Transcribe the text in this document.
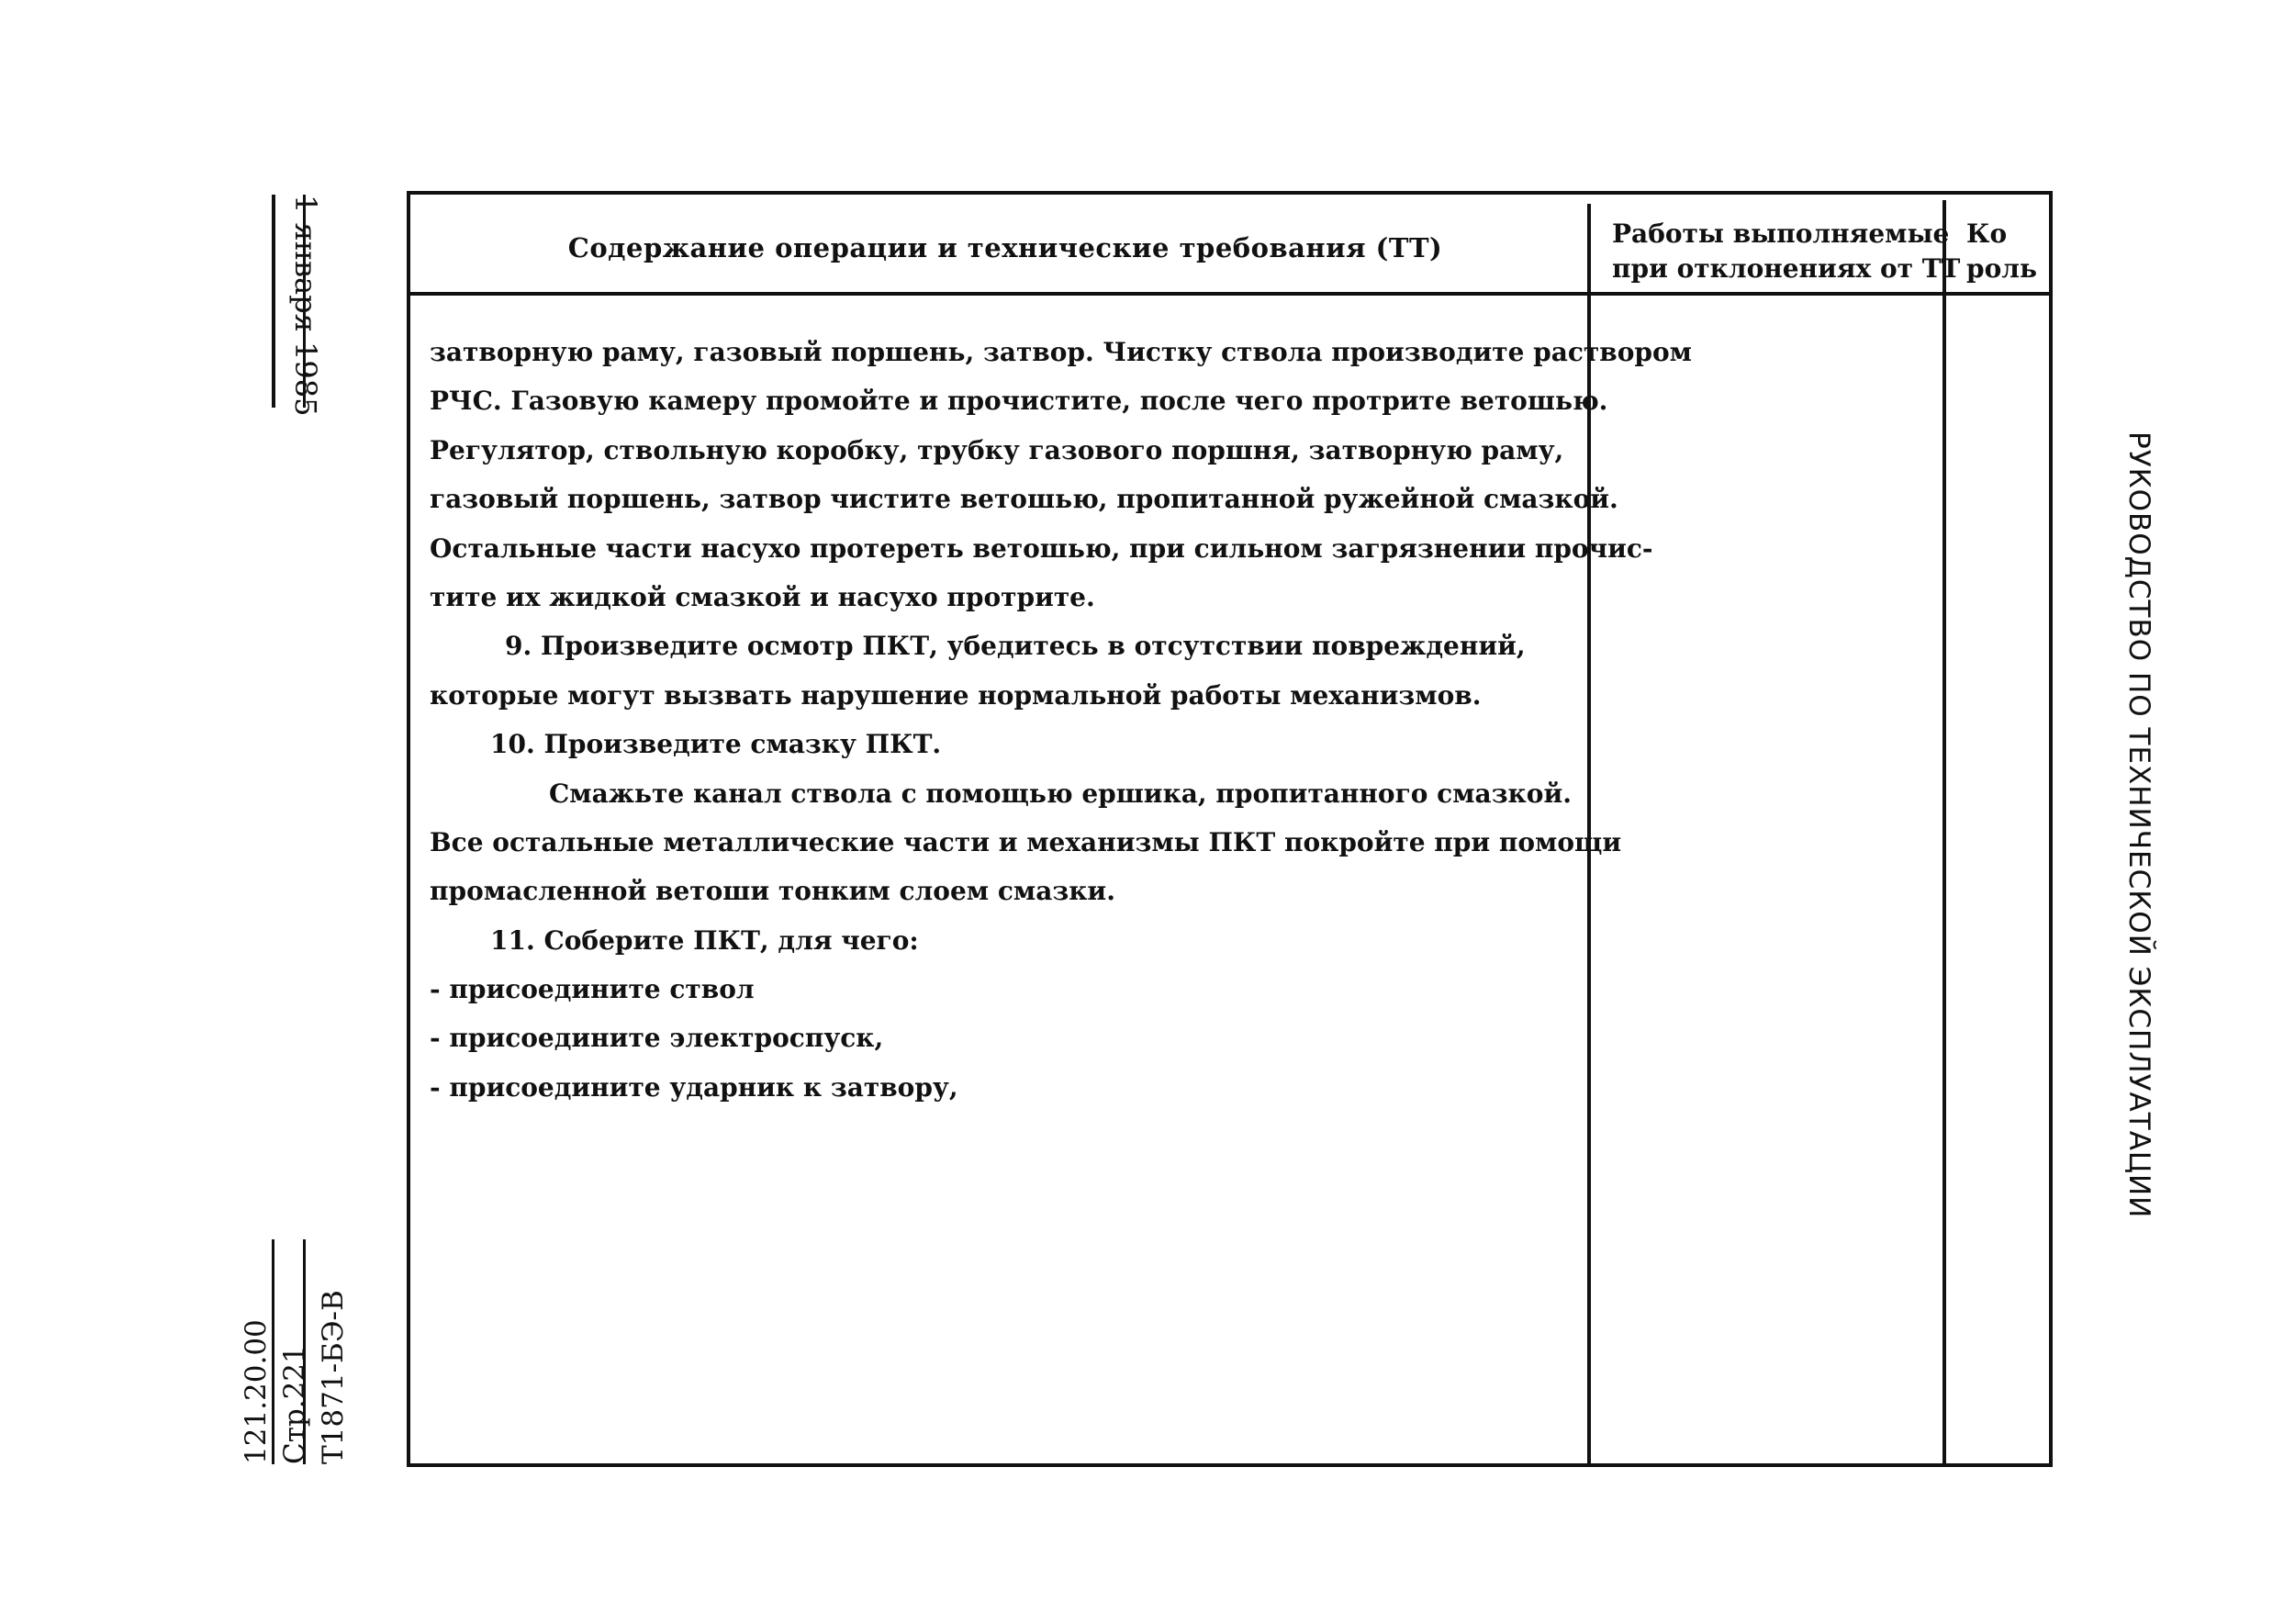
1 января 1985
121.20.00 Стр.221 Т1871-БЭ-В
Содержание операции и технические требования (ТТ)	Работы выполняемые
при отклонениях от ТТ
Ко
роль
затворную раму, газовый поршень, затвор. Чистку ствола производите раствором
РЧС. Газовую камеру промойте и прочистите, после чего протрите ветошью.
Регулятор, ствольную коробку, трубку газового поршня, затворную раму,
газовый поршень, затвор чистите ветошью, пропитанной ружейной смазкой.
Остальные части насухо протереть ветошью, при сильном загрязнении прочис-
тите их жидкой смазкой и насухо протрите.
9. Произведите осмотр ПКТ, убедитесь в отсутствии повреждений,
которые могут вызвать нарушение нормальной работы механизмов.
10. Произведите смазку ПКТ.
Смажьте канал ствола с помощью ершика, пропитанного смазкой.
Все остальные металлические части и механизмы ПКТ покройте при помощи
промасленной ветоши тонким слоем смазки.
11. Соберите ПКТ, для чего:
- присоедините ствол
- присоедините электроспуск,
- присоедините ударник к затвору,	РУКОВОДСТВО ПО ТЕХНИЧЕСКОЙ ЭКСПЛУАТАЦИИ
